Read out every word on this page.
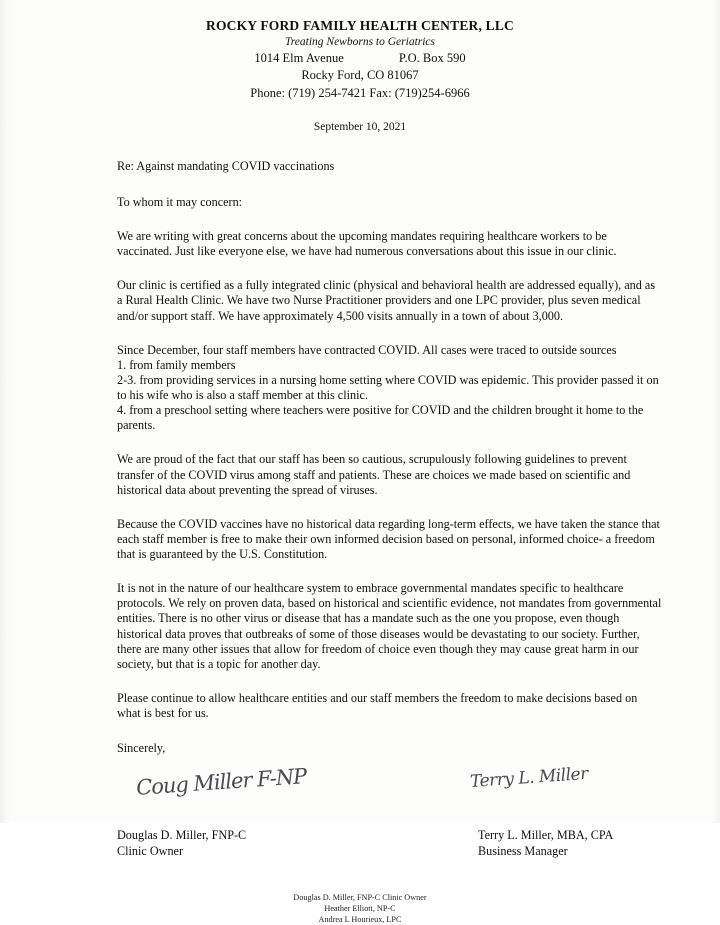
ROCKY FORD FAMILY HEALTH CENTER, LLC
Treating Newborns to Geriatrics
1014 Elm Avenue	P.O. Box 590
Rocky Ford, CO 81067
Phone: (719) 254-7421 Fax: (719)254-6966
September 10, 2021
Re: Against mandating COVID vaccinations
To whom it may concern:

We are writing with great concerns about the upcoming mandates requiring healthcare workers to be vaccinated. Just like everyone else, we have had numerous conversations about this issue in our clinic.

Our clinic is certified as a fully integrated clinic (physical and behavioral health are addressed equally), and as a Rural Health Clinic. We have two Nurse Practitioner providers and one LPC provider, plus seven medical and/or support staff. We have approximately 4,500 visits annually in a town of about 3,000.

Since December, four staff members have contracted COVID. All cases were traced to outside sources
1. from family members
2-3. from providing services in a nursing home setting where COVID was epidemic. This provider passed it on to his wife who is also a staff member at this clinic.
4. from a preschool setting where teachers were positive for COVID and the children brought it home to the parents.

We are proud of the fact that our staff has been so cautious, scrupulously following guidelines to prevent transfer of the COVID virus among staff and patients. These are choices we made based on scientific and historical data about preventing the spread of viruses.

Because the COVID vaccines have no historical data regarding long-term effects, we have taken the stance that each staff member is free to make their own informed decision based on personal, informed choice- a freedom that is guaranteed by the U.S. Constitution.

It is not in the nature of our healthcare system to embrace governmental mandates specific to healthcare protocols. We rely on proven data, based on historical and scientific evidence, not mandates from governmental entities. There is no other virus or disease that has a mandate such as the one you propose, even though historical data proves that outbreaks of some of those diseases would be devastating to our society. Further, there are many other issues that allow for freedom of choice even though they may cause great harm in our society, but that is a topic for another day.

Please continue to allow healthcare entities and our staff members the freedom to make decisions based on what is best for us.

Sincerely,
Coug Miller F-NP	Terry L. Miller
Douglas D. Miller, FNP-C
Clinic Owner
Terry L. Miller, MBA, CPA
Business Manager
Douglas D. Miller, FNP-C Clinic Owner
Heather Elliott, NP-C
Andrea L Hourieux, LPC
